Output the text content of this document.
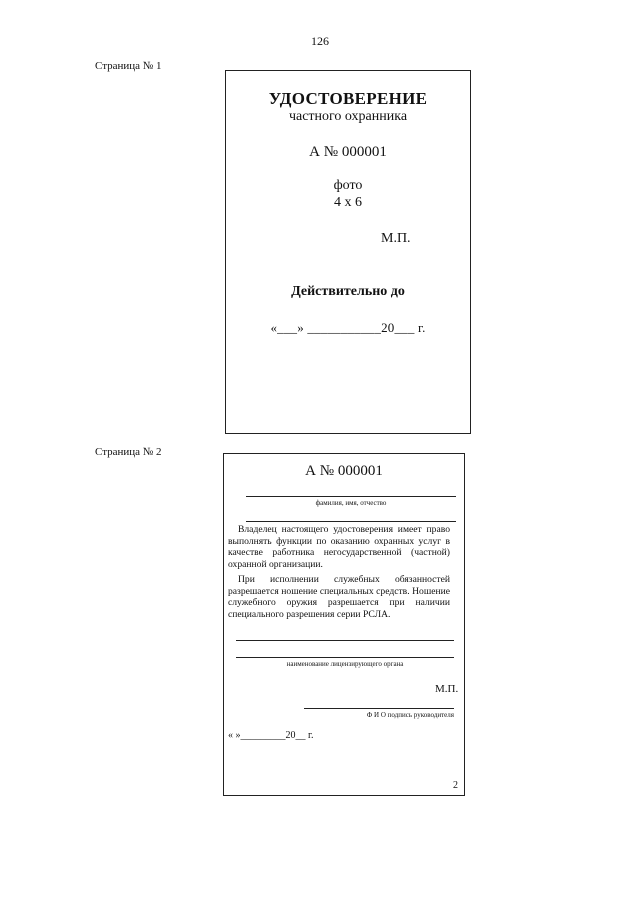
126
Страница № 1
УДОСТОВЕРЕНИЕ
частного охранника
А № 000001
фото
4 х 6
М.П.
Действительно до
«___» ___________20___ г.
Страница № 2
А № 000001
фамилия, имя, отчество

Владелец настоящего удостоверения имеет право выполнять функции по оказанию охранных услуг в качестве работника негосударственной (частной) охранной организации.

При исполнении служебных обязанностей разрешается ношение специальных средств. Ношение служебного оружия разрешается при наличии специального разрешения серии РСЛА.

наименование лицензирующего органа
М.П.
Ф И О подпись руководителя
« »_________20__ г.
2
